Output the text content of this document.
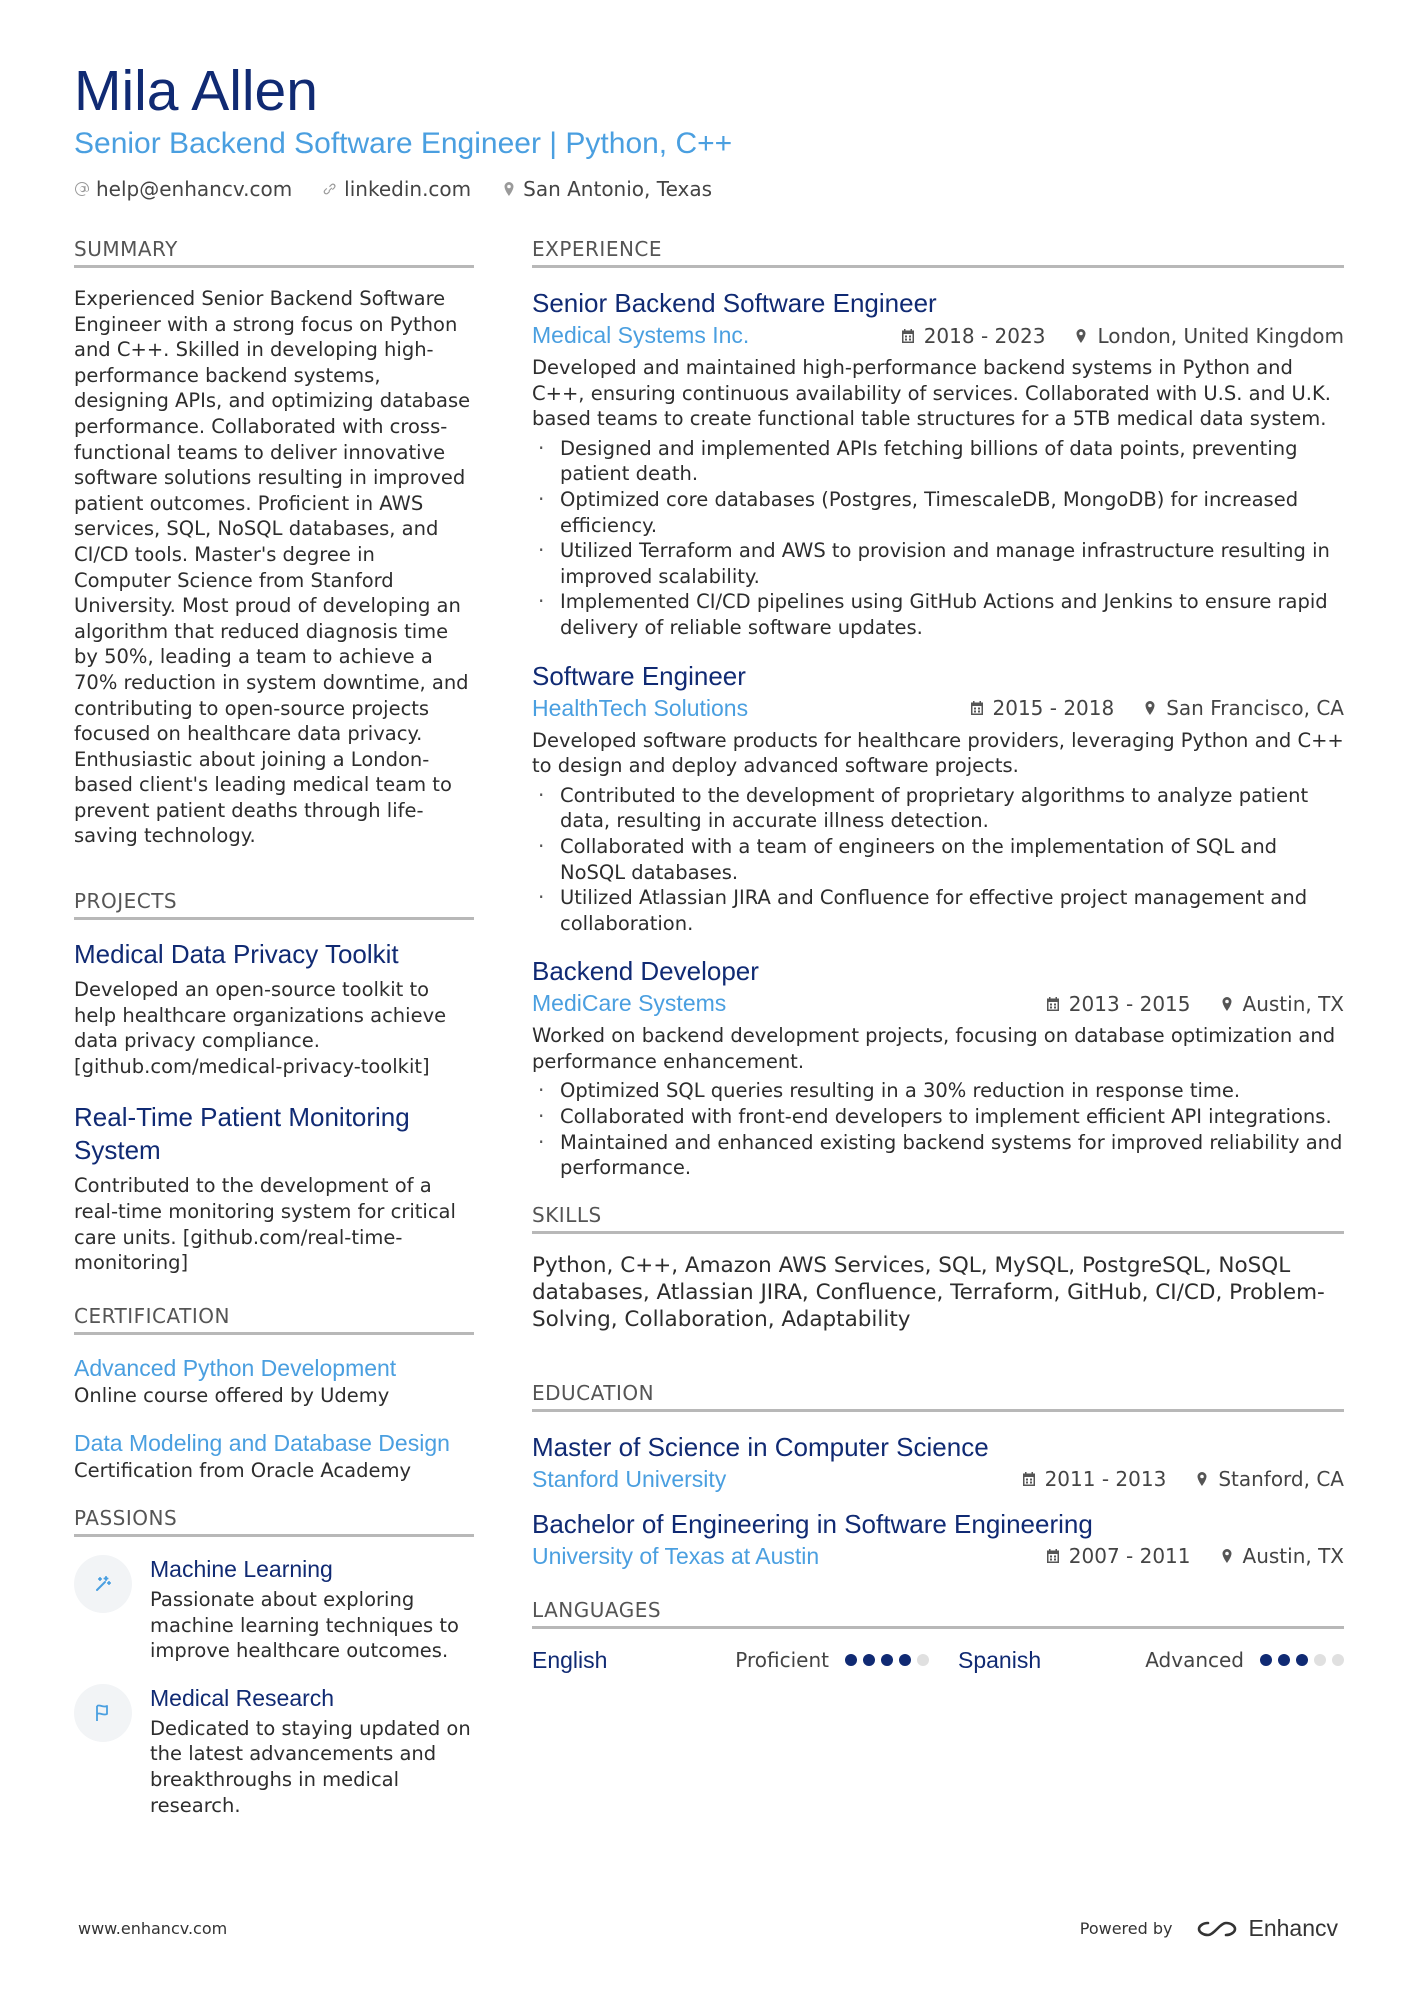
Mila Allen
Senior Backend Software Engineer | Python, C++
help@enhancv.com	linkedin.com	San Antonio, Texas
SUMMARY
Experienced Senior Backend Software Engineer with a strong focus on Python and C++. Skilled in developing high-performance backend systems, designing APIs, and optimizing database performance. Collaborated with cross-functional teams to deliver innovative software solutions resulting in improved patient outcomes. Proficient in AWS services, SQL, NoSQL databases, and CI/CD tools. Master's degree in Computer Science from Stanford University. Most proud of developing an algorithm that reduced diagnosis time by 50%, leading a team to achieve a 70% reduction in system downtime, and contributing to open-source projects focused on healthcare data privacy. Enthusiastic about joining a London-based client's leading medical team to prevent patient deaths through life-saving technology.
PROJECTS
Medical Data Privacy Toolkit
Developed an open-source toolkit to help healthcare organizations achieve data privacy compliance. [github.com/medical-privacy-toolkit]
Real-Time Patient Monitoring System
Contributed to the development of a real-time monitoring system for critical care units. [github.com/real-time-monitoring]
CERTIFICATION
Advanced Python Development
Online course offered by Udemy
Data Modeling and Database Design
Certification from Oracle Academy
PASSIONS
Machine Learning
Passionate about exploring machine learning techniques to improve healthcare outcomes.
Medical Research
Dedicated to staying updated on the latest advancements and breakthroughs in medical research.
EXPERIENCE
Senior Backend Software Engineer
Medical Systems Inc.	2018 - 2023	London, United Kingdom
Developed and maintained high-performance backend systems in Python and C++, ensuring continuous availability of services. Collaborated with U.S. and U.K. based teams to create functional table structures for a 5TB medical data system.
· Designed and implemented APIs fetching billions of data points, preventing patient death.
· Optimized core databases (Postgres, TimescaleDB, MongoDB) for increased efficiency.
· Utilized Terraform and AWS to provision and manage infrastructure resulting in improved scalability.
· Implemented CI/CD pipelines using GitHub Actions and Jenkins to ensure rapid delivery of reliable software updates.
Software Engineer
HealthTech Solutions	2015 - 2018	San Francisco, CA
Developed software products for healthcare providers, leveraging Python and C++ to design and deploy advanced software projects.
· Contributed to the development of proprietary algorithms to analyze patient data, resulting in accurate illness detection.
· Collaborated with a team of engineers on the implementation of SQL and NoSQL databases.
· Utilized Atlassian JIRA and Confluence for effective project management and collaboration.
Backend Developer
MediCare Systems	2013 - 2015	Austin, TX
Worked on backend development projects, focusing on database optimization and performance enhancement.
· Optimized SQL queries resulting in a 30% reduction in response time.
· Collaborated with front-end developers to implement efficient API integrations.
· Maintained and enhanced existing backend systems for improved reliability and performance.
SKILLS
Python, C++, Amazon AWS Services, SQL, MySQL, PostgreSQL, NoSQL databases, Atlassian JIRA, Confluence, Terraform, GitHub, CI/CD, Problem-Solving, Collaboration, Adaptability
EDUCATION
Master of Science in Computer Science
Stanford University	2011 - 2013	Stanford, CA
Bachelor of Engineering in Software Engineering
University of Texas at Austin	2007 - 2011	Austin, TX
LANGUAGES
English	Proficient	Spanish	Advanced
www.enhancv.com	Powered by	Enhancv
